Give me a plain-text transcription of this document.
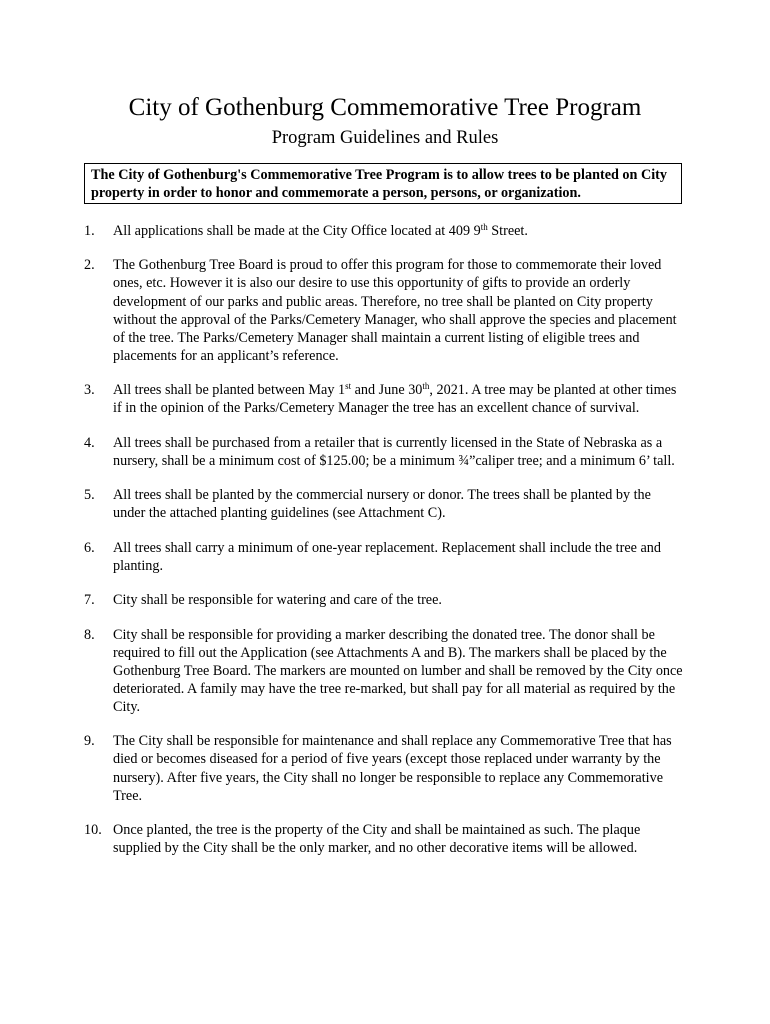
City of Gothenburg Commemorative Tree Program
Program Guidelines and Rules
The City of Gothenburg's Commemorative Tree Program is to allow trees to be planted on City property in order to honor and commemorate a person, persons, or organization.
1.	All applications shall be made at the City Office located at 409 9th Street.
2.	The Gothenburg Tree Board is proud to offer this program for those to commemorate their loved ones, etc. However it is also our desire to use this opportunity of gifts to provide an orderly development of our parks and public areas. Therefore, no tree shall be planted on City property without the approval of the Parks/Cemetery Manager, who shall approve the species and placement of the tree. The Parks/Cemetery Manager shall maintain a current listing of eligible trees and placements for an applicant’s reference.
3.	All trees shall be planted between May 1st and June 30th, 2021. A tree may be planted at other times if in the opinion of the Parks/Cemetery Manager the tree has an excellent chance of survival.
4.	All trees shall be purchased from a retailer that is currently licensed in the State of Nebraska as a nursery, shall be a minimum cost of $125.00; be a minimum ¾”caliper tree; and a minimum 6’ tall.
5.	All trees shall be planted by the commercial nursery or donor. The trees shall be planted by the under the attached planting guidelines (see Attachment C).
6.	All trees shall carry a minimum of one-year replacement. Replacement shall include the tree and planting.
7.	City shall be responsible for watering and care of the tree.
8.	City shall be responsible for providing a marker describing the donated tree. The donor shall be required to fill out the Application (see Attachments A and B). The markers shall be placed by the Gothenburg Tree Board. The markers are mounted on lumber and shall be removed by the City once deteriorated. A family may have the tree re-marked, but shall pay for all material as required by the City.
9.	The City shall be responsible for maintenance and shall replace any Commemorative Tree that has died or becomes diseased for a period of five years (except those replaced under warranty by the nursery). After five years, the City shall no longer be responsible to replace any Commemorative Tree.
10. Once planted, the tree is the property of the City and shall be maintained as such. The plaque supplied by the City shall be the only marker, and no other decorative items will be allowed.
